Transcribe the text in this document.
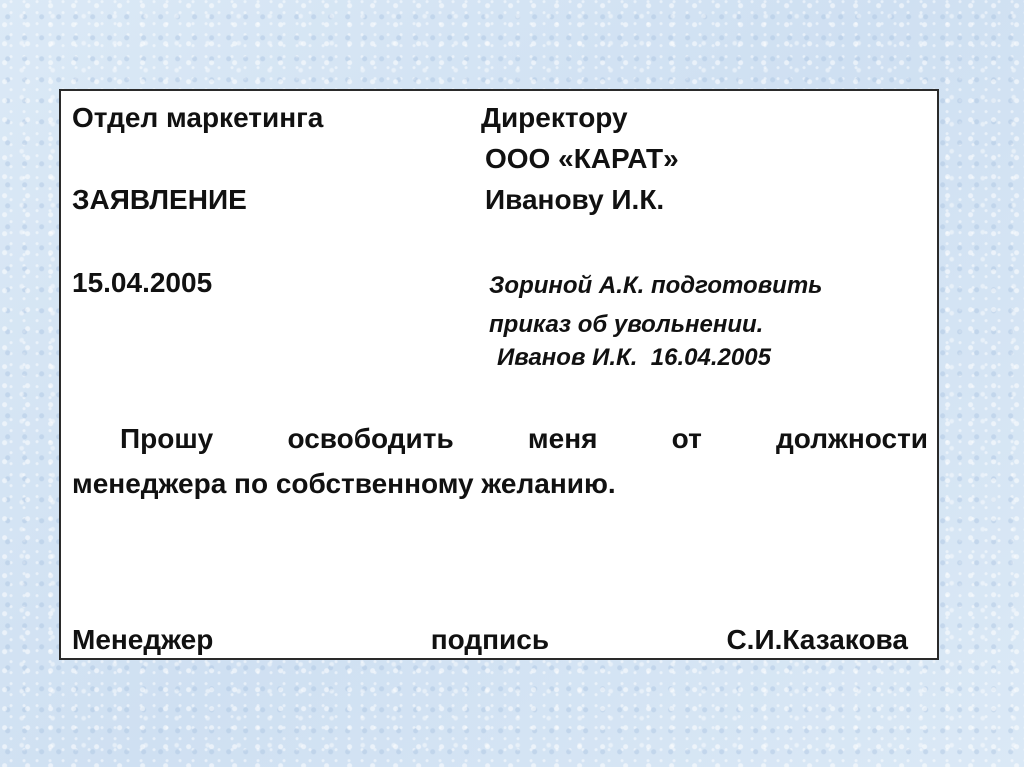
Отдел маркетинга	Директору
ООО «КАРАТ»
ЗАЯВЛЕНИЕ	Иванову И.К.
15.04.2005	Зориной А.К. подготовить
приказ об увольнении.
Иванов И.К.  16.04.2005
Прошу освободить меня от должности
менеджера по собственному желанию.
Менеджер	подпись	С.И.Казакова
